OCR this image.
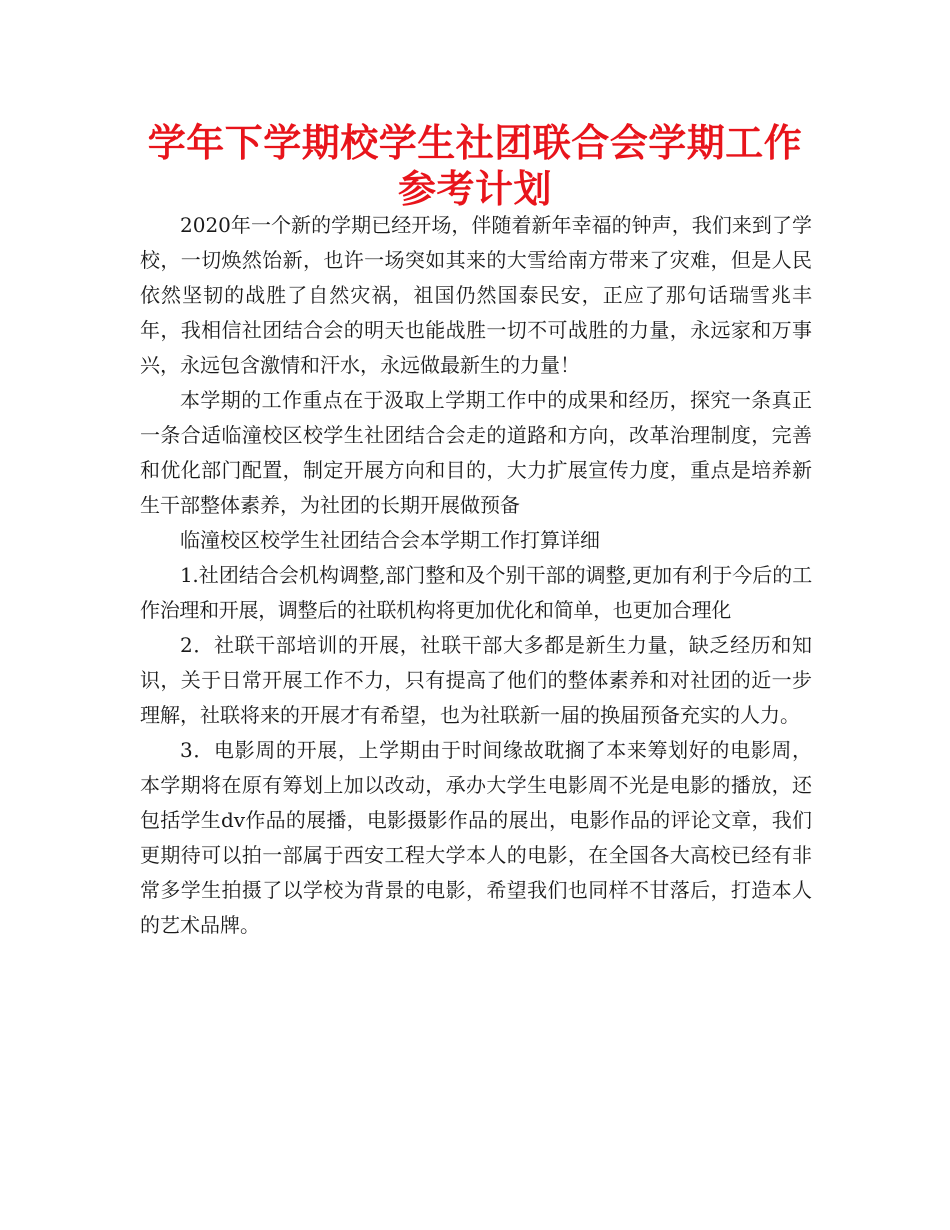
学年下学期校学生社团联合会学期工作参考计划

2020年一个新的学期已经开场，伴随着新年幸福的钟声，我们来到了学校，一切焕然饴新，也许一场突如其来的大雪给南方带来了灾难，但是人民依然坚韧的战胜了自然灾祸，祖国仍然国泰民安，正应了那句话瑞雪兆丰年，我相信社团结合会的明天也能战胜一切不可战胜的力量，永远家和万事兴，永远包含激情和汗水，永远做最新生的力量！

本学期的工作重点在于汲取上学期工作中的成果和经历，探究一条真正一条合适临潼校区校学生社团结合会走的道路和方向，改革治理制度，完善和优化部门配置，制定开展方向和目的，大力扩展宣传力度，重点是培养新生干部整体素养，为社团的长期开展做预备

临潼校区校学生社团结合会本学期工作打算详细

1.社团结合会机构调整,部门整和及个别干部的调整,更加有利于今后的工作治理和开展，调整后的社联机构将更加优化和简单，也更加合理化

2．社联干部培训的开展，社联干部大多都是新生力量，缺乏经历和知识，关于日常开展工作不力，只有提高了他们的整体素养和对社团的近一步理解，社联将来的开展才有希望，也为社联新一届的换届预备充实的人力。

3．电影周的开展，上学期由于时间缘故耽搁了本来筹划好的电影周，本学期将在原有筹划上加以改动，承办大学生电影周不光是电影的播放，还包括学生dv作品的展播，电影摄影作品的展出，电影作品的评论文章，我们更期待可以拍一部属于西安工程大学本人的电影，在全国各大高校已经有非常多学生拍摄了以学校为背景的电影，希望我们也同样不甘落后，打造本人的艺术品牌。
